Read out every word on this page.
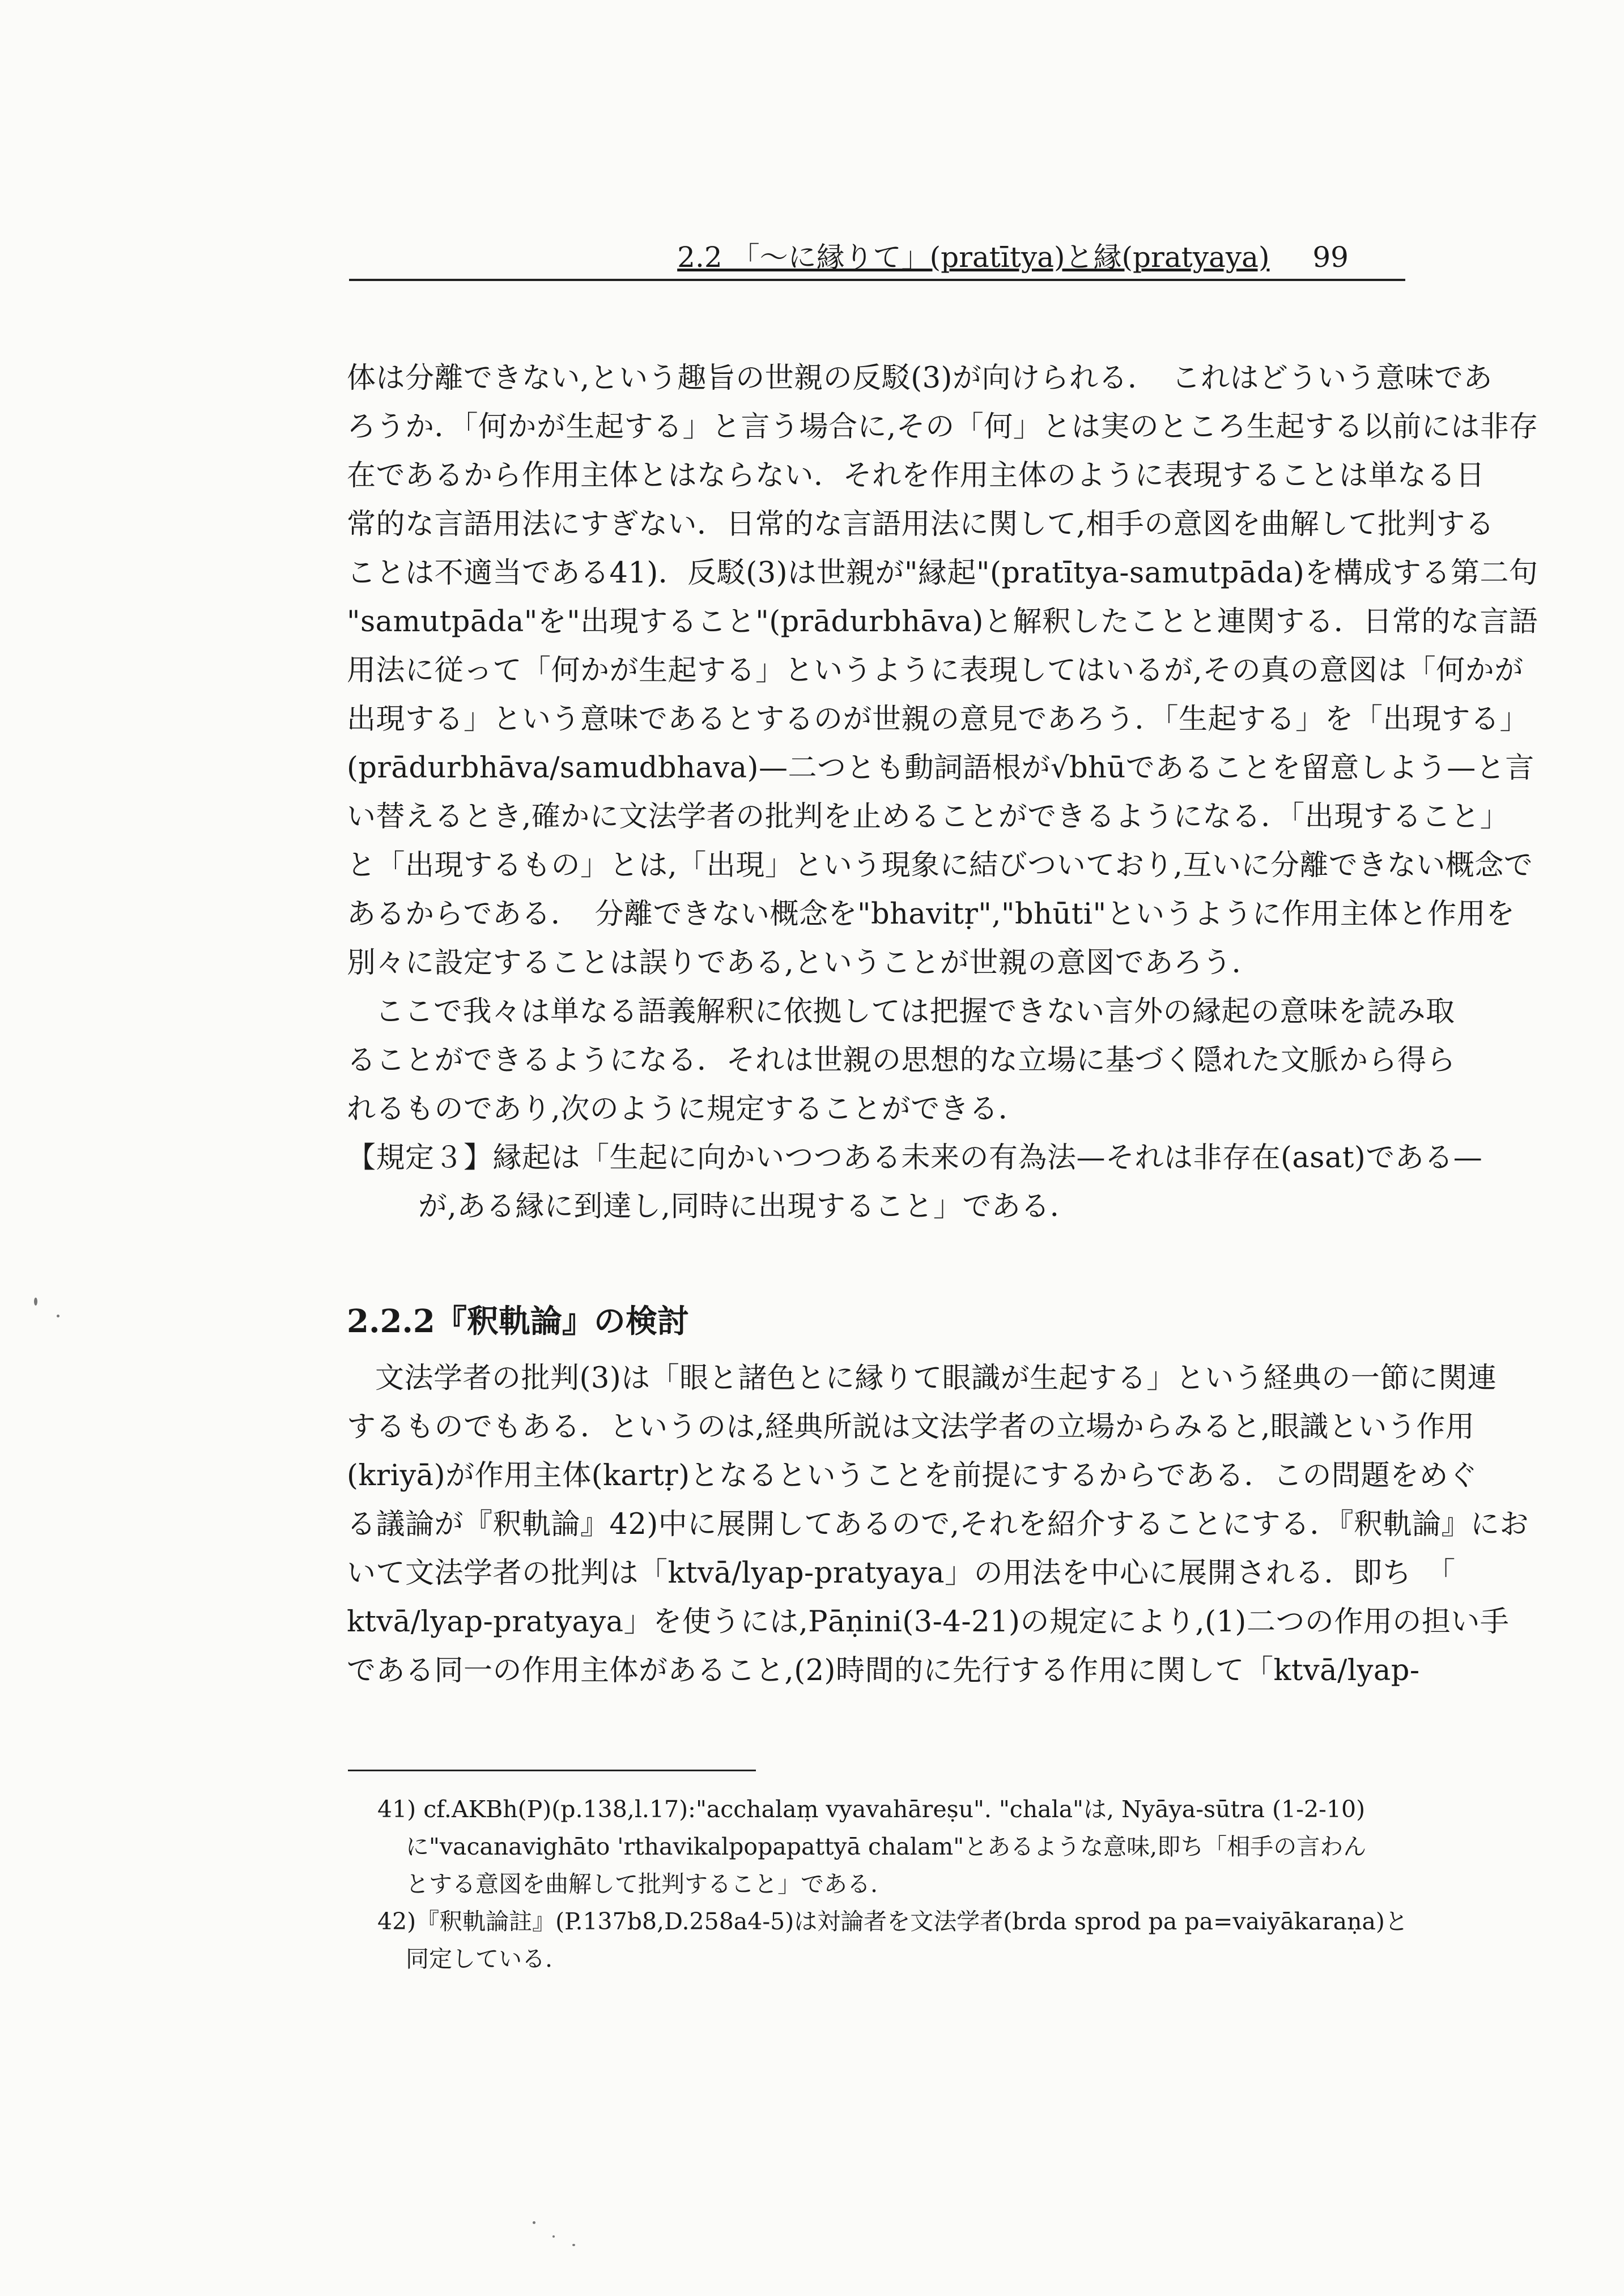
2.2 「〜に縁りて」(pratītya)と縁(pratyaya) 99
体は分離できない,という趣旨の世親の反駁(3)が向けられる．　これはどういう意味であ
ろうか．「何かが生起する」と言う場合に,その「何」とは実のところ生起する以前には非存
在であるから作用主体とはならない．それを作用主体のように表現することは単なる日
常的な言語用法にすぎない．日常的な言語用法に関して,相手の意図を曲解して批判する
ことは不適当である41)．反駁(3)は世親が"縁起"(pratītya-samutpāda)を構成する第二句
"samutpāda"を"出現すること"(prādurbhāva)と解釈したことと連関する．日常的な言語
用法に従って「何かが生起する」というように表現してはいるが,その真の意図は「何かが
出現する」という意味であるとするのが世親の意見であろう．「生起する」を「出現する」
(prādurbhāva/samudbhava)—二つとも動詞語根が√bhūであることを留意しよう—と言
い替えるとき,確かに文法学者の批判を止めることができるようになる．「出現すること」
と「出現するもの」とは,「出現」という現象に結びついており,互いに分離できない概念で
あるからである．　分離できない概念を"bhavitṛ","bhūti"というように作用主体と作用を
別々に設定することは誤りである,ということが世親の意図であろう．
ここで我々は単なる語義解釈に依拠しては把握できない言外の縁起の意味を読み取
ることができるようになる．それは世親の思想的な立場に基づく隠れた文脈から得ら
れるものであり,次のように規定することができる．
【規定３】縁起は「生起に向かいつつある未来の有為法—それは非存在(asat)である—
が,ある縁に到達し,同時に出現すること」である．
2.2.2『釈軌論』の検討
文法学者の批判(3)は「眼と諸色とに縁りて眼識が生起する」という経典の一節に関連
するものでもある．というのは,経典所説は文法学者の立場からみると,眼識という作用
(kriyā)が作用主体(kartṛ)となるということを前提にするからである．この問題をめぐ
る議論が『釈軌論』42)中に展開してあるので,それを紹介することにする．『釈軌論』にお
いて文法学者の批判は「ktvā/lyap-pratyaya」の用法を中心に展開される．即ち　「
ktvā/lyap-pratyaya」を使うには,Pāṇini(3-4-21)の規定により,(1)二つの作用の担い手
である同一の作用主体があること,(2)時間的に先行する作用に関して「ktvā/lyap-
41) cf.AKBh(P)(p.138,l.17):"acchalaṃ vyavahāreṣu". "chala"は, Nyāya-sūtra (1-2-10)
に"vacanavighāto 'rthavikalpopapattyā chalam"とあるような意味,即ち「相手の言わん
とする意図を曲解して批判すること」である.
42)『釈軌論註』(P.137b8,D.258a4-5)は対論者を文法学者(brda sprod pa pa=vaiyākaraṇa)と
同定している.
